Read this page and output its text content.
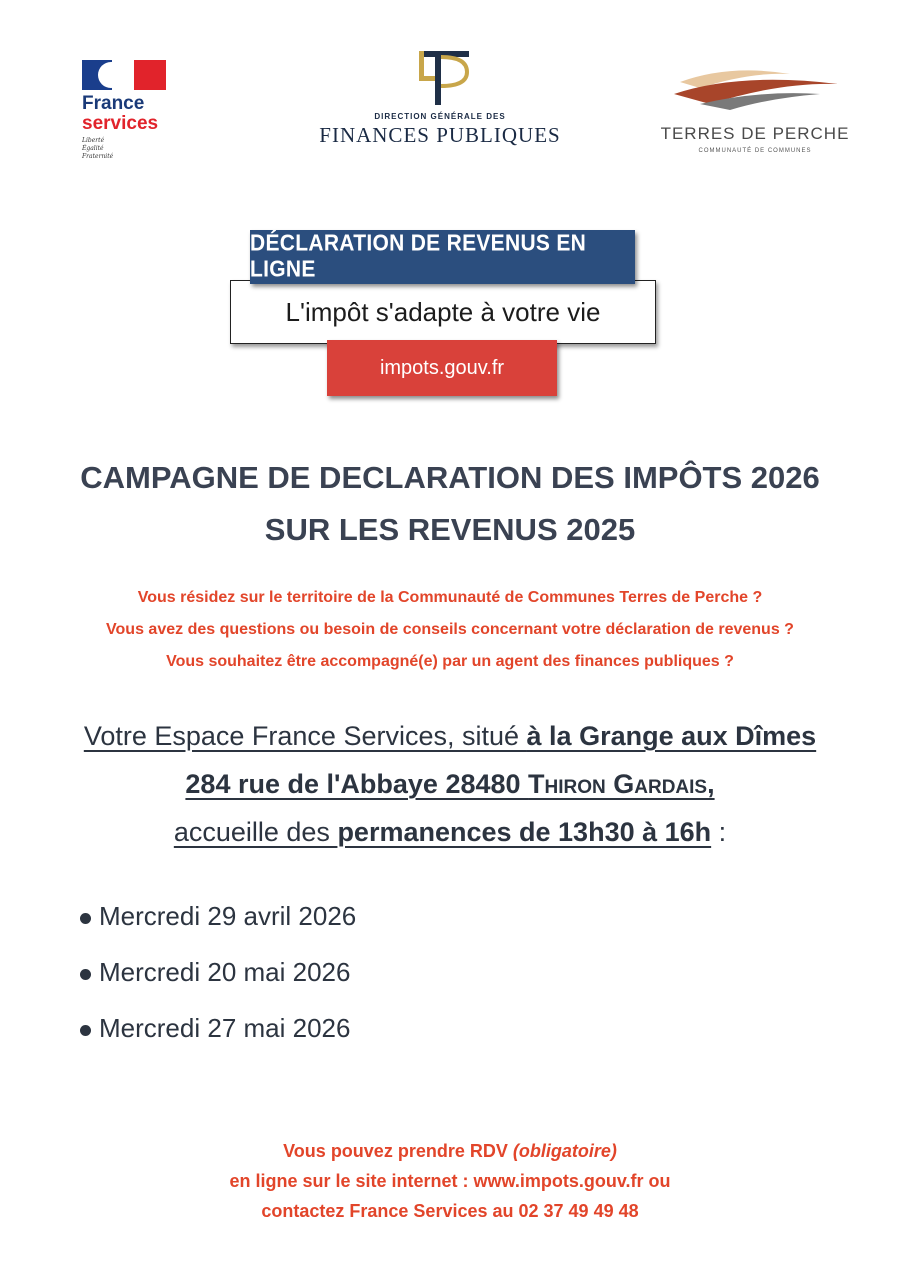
France
services
Liberté
Égalité
Fraternité
DIRECTION GÉNÉRALE DES
FINANCES PUBLIQUES	TERRES DE PERCHE
COMMUNAUTÉ DE COMMUNES
L'impôt s'adapte à votre vie
DÉCLARATION DE REVENUS EN LIGNE
impots.gouv.fr
CAMPAGNE DE DECLARATION DES IMPÔTS 2026
SUR LES REVENUS 2025
Vous résidez sur le territoire de la Communauté de Communes Terres de Perche ?
Vous avez des questions ou besoin de conseils concernant votre déclaration de revenus ?
Vous souhaitez être accompagné(e) par un agent des finances publiques ?
Votre Espace France Services, situé à la Grange aux Dîmes
284 rue de l'Abbaye 28480 Thiron Gardais,
accueille des permanences de 13h30 à 16h :
Mercredi 29 avril 2026
Mercredi 20 mai 2026
Mercredi 27 mai 2026
Vous pouvez prendre RDV (obligatoire)
en ligne sur le site internet : www.impots.gouv.fr ou
contactez France Services au 02 37 49 49 48
